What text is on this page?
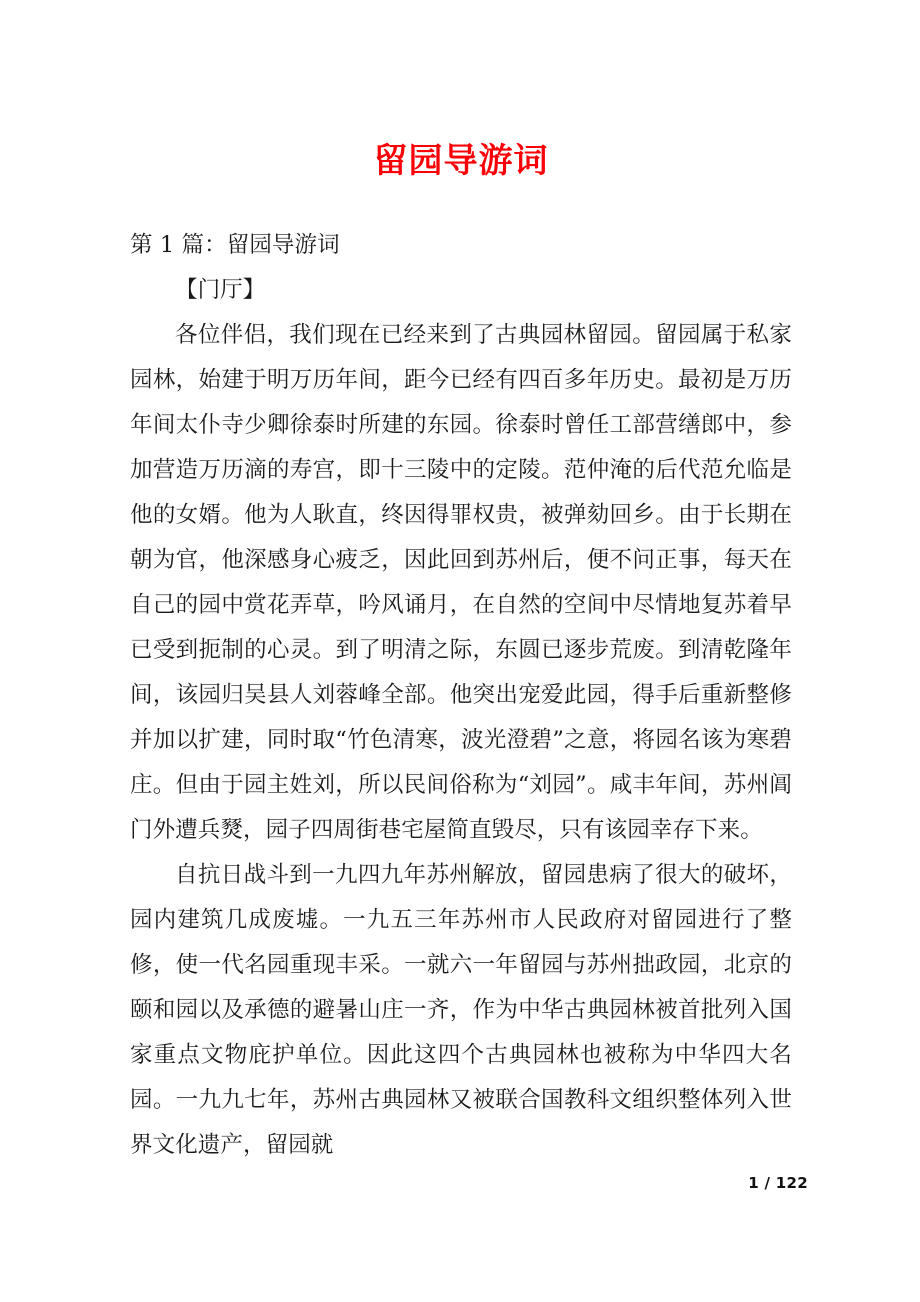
留园导游词

第 1 篇：留园导游词

【门厅】

各位伴侣，我们现在已经来到了古典园林留园。留园属于私家园林，始建于明万历年间，距今已经有四百多年历史。最初是万历年间太仆寺少卿徐泰时所建的东园。徐泰时曾任工部营缮郎中，参加营造万历滴的寿宫，即十三陵中的定陵。范仲淹的后代范允临是他的女婿。他为人耿直，终因得罪权贵，被弹劾回乡。由于长期在朝为官，他深感身心疲乏，因此回到苏州后，便不问正事，每天在自己的园中赏花弄草，吟风诵月，在自然的空间中尽情地复苏着早已受到扼制的心灵。到了明清之际，东圆已逐步荒废。到清乾隆年间，该园归吴县人刘蓉峰全部。他突出宠爱此园，得手后重新整修并加以扩建，同时取“竹色清寒，波光澄碧”之意，将园名该为寒碧庄。但由于园主姓刘，所以民间俗称为“刘园”。咸丰年间，苏州阊门外遭兵燹，园子四周街巷宅屋简直毁尽，只有该园幸存下来。

自抗日战斗到一九四九年苏州解放，留园患病了很大的破坏，园内建筑几成废墟。一九五三年苏州市人民政府对留园进行了整修，使一代名园重现丰采。一就六一年留园与苏州拙政园，北京的颐和园以及承德的避暑山庄一齐，作为中华古典园林被首批列入国家重点文物庇护单位。因此这四个古典园林也被称为中华四大名园。一九九七年，苏州古典园林又被联合国教科文组织整体列入世界文化遗产，留园就

1 / 122
